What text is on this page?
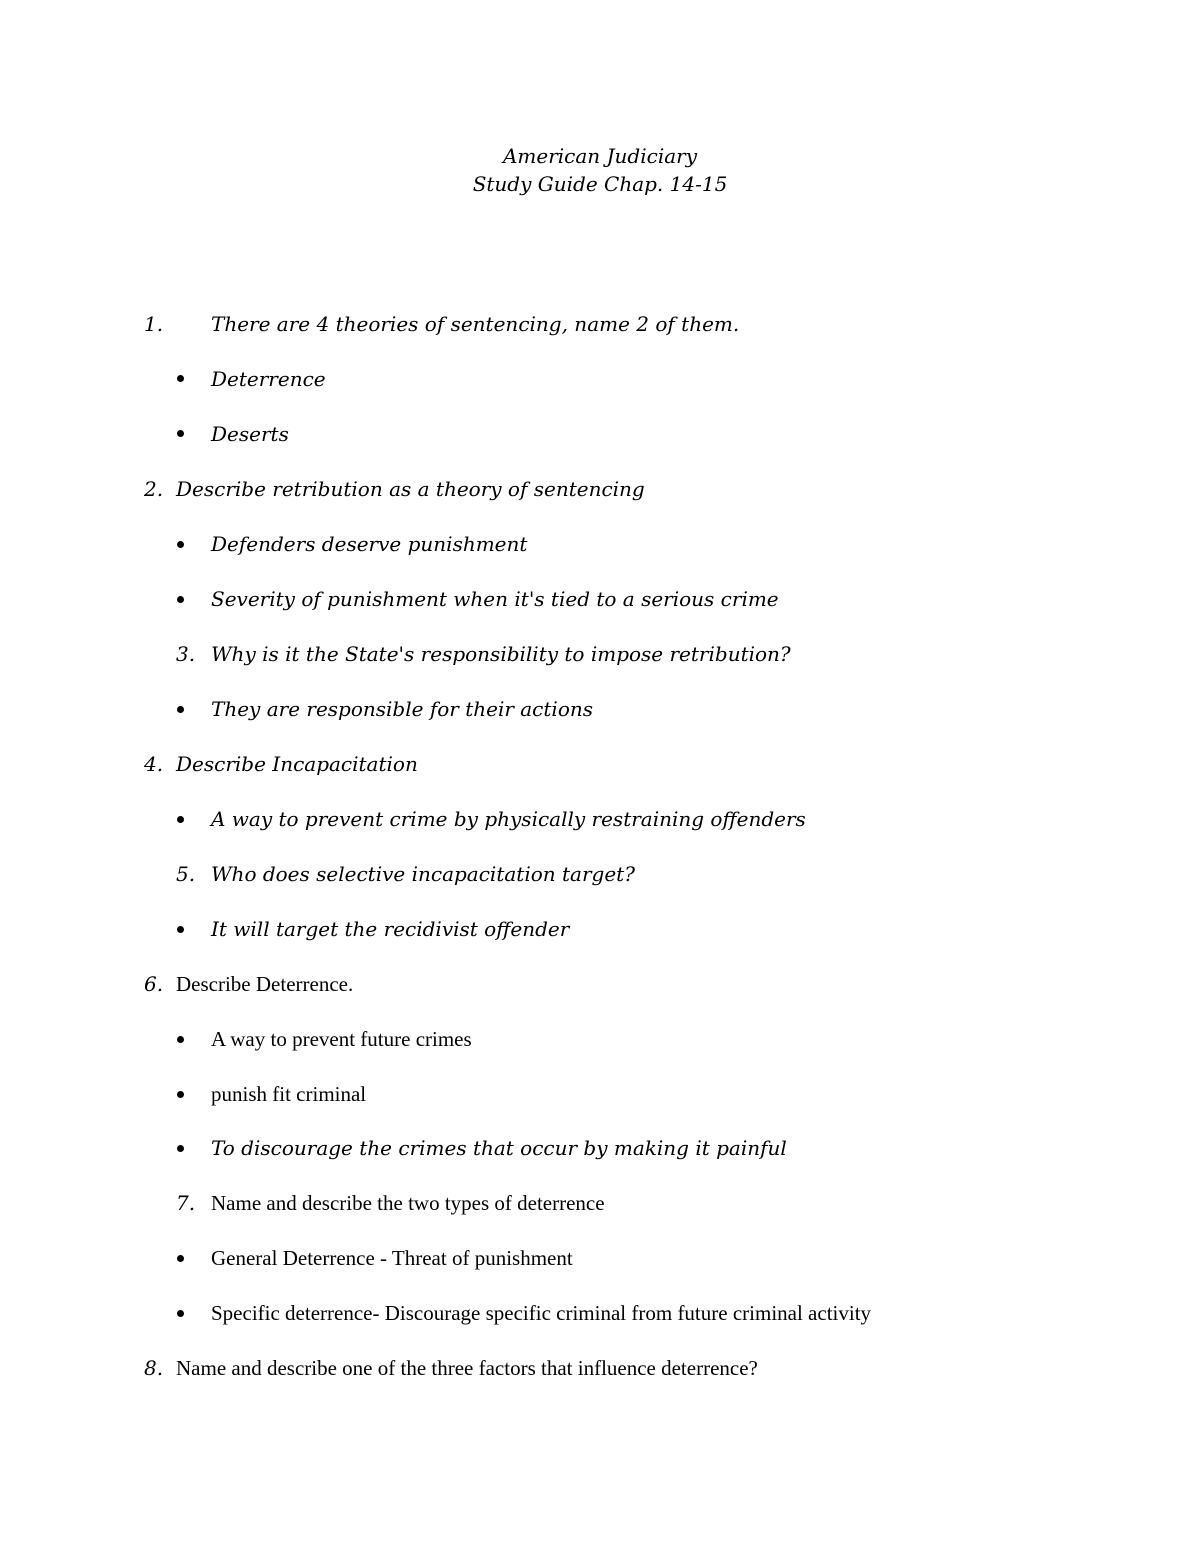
American Judiciary
Study Guide Chap. 14-15
1. There are 4 theories of sentencing, name 2 of them.
Deterrence
Deserts
2. Describe retribution as a theory of sentencing
Defenders deserve punishment
Severity of punishment when it's tied to a serious crime
3. Why is it the State's responsibility to impose retribution?
They are responsible for their actions
4. Describe Incapacitation
A way to prevent crime by physically restraining offenders
5. Who does selective incapacitation target?
It will target the recidivist offender
6. Describe Deterrence.
A way to prevent future crimes
punish fit criminal
To discourage the crimes that occur by making it painful
7. Name and describe the two types of deterrence
General Deterrence - Threat of punishment
Specific deterrence- Discourage specific criminal from future criminal activity
8. Name and describe one of the three factors that influence deterrence?
